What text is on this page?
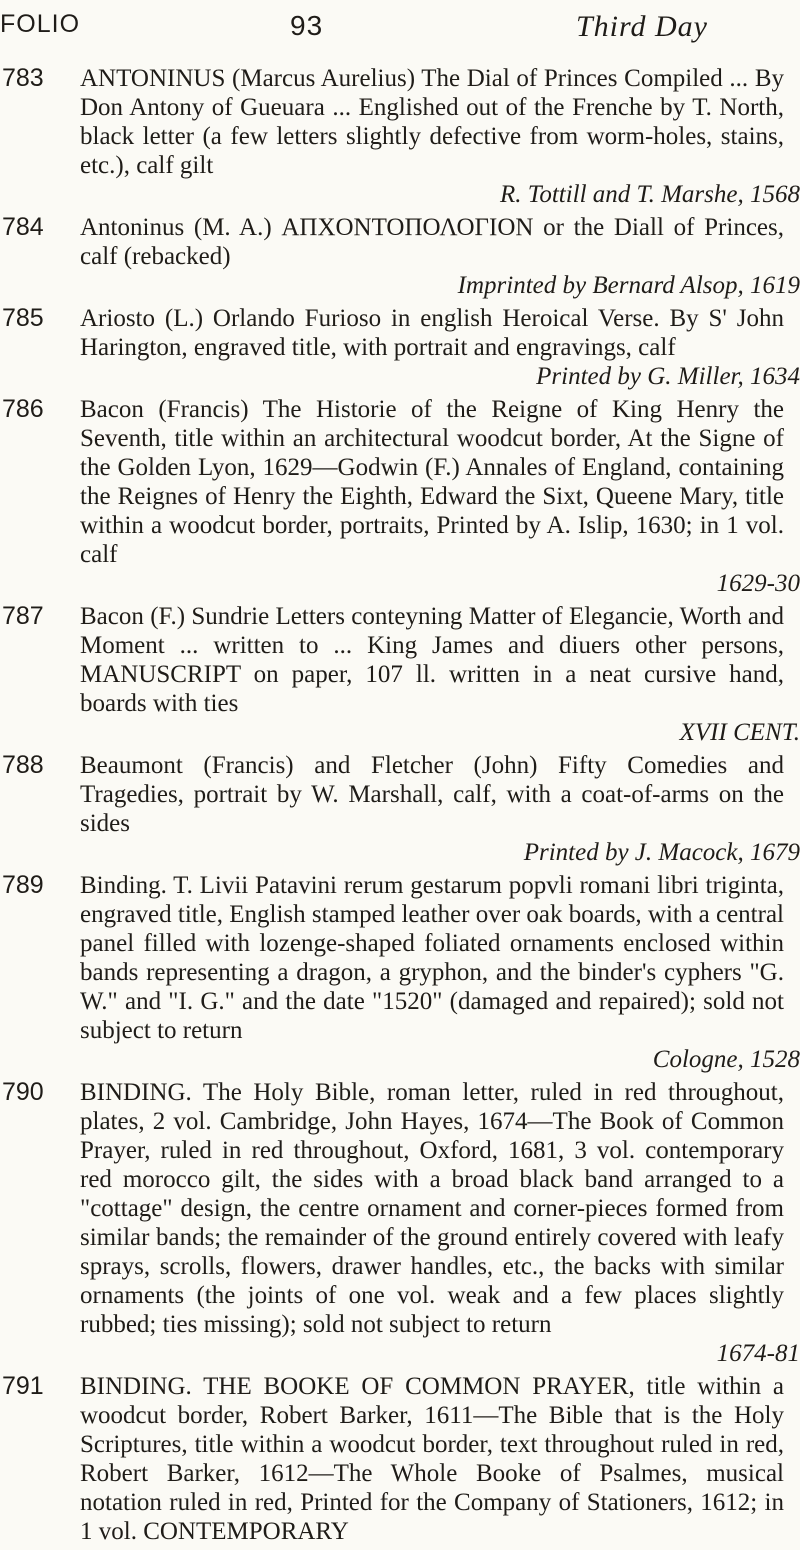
FOLIO	93	Third Day
783 ANTONINUS (Marcus Aurelius) The Dial of Princes Compiled ... By Don Antony of Gueuara ... Englished out of the Frenche by T. North, black letter (a few letters slightly defective from worm-holes, stains, etc.), calf gilt
R. Tottill and T. Marshe, 1568
784 Antoninus (M. A.) ΑΠΧΟΝΤΟΠΟΛΟΓΙΟΝ or the Diall of Princes, calf (rebacked)
Imprinted by Bernard Alsop, 1619
785 Ariosto (L.) Orlando Furioso in english Heroical Verse. By S' John Harington, engraved title, with portrait and engravings, calf
Printed by G. Miller, 1634
786 Bacon (Francis) The Historie of the Reigne of King Henry the Seventh, title within an architectural woodcut border, At the Signe of the Golden Lyon, 1629—Godwin (F.) Annales of England, containing the Reignes of Henry the Eighth, Edward the Sixt, Queene Mary, title within a woodcut border, portraits, Printed by A. Islip, 1630; in 1 vol. calf
1629-30
787 Bacon (F.) Sundrie Letters conteyning Matter of Elegancie, Worth and Moment ... written to ... King James and diuers other persons, MANUSCRIPT on paper, 107 ll. written in a neat cursive hand, boards with ties
XVII CENT.
788 Beaumont (Francis) and Fletcher (John) Fifty Comedies and Tragedies, portrait by W. Marshall, calf, with a coat-of-arms on the sides
Printed by J. Macock, 1679
789 Binding. T. Livii Patavini rerum gestarum popvli romani libri triginta, engraved title, English stamped leather over oak boards, with a central panel filled with lozenge-shaped foliated ornaments enclosed within bands representing a dragon, a gryphon, and the binder's cyphers "G. W." and "I. G." and the date "1520" (damaged and repaired); sold not subject to return
Cologne, 1528
790 BINDING. The Holy Bible, roman letter, ruled in red throughout, plates, 2 vol. Cambridge, John Hayes, 1674—The Book of Common Prayer, ruled in red throughout, Oxford, 1681, 3 vol. contemporary red morocco gilt, the sides with a broad black band arranged to a "cottage" design, the centre ornament and corner-pieces formed from similar bands; the remainder of the ground entirely covered with leafy sprays, scrolls, flowers, drawer handles, etc., the backs with similar ornaments (the joints of one vol. weak and a few places slightly rubbed; ties missing); sold not subject to return
1674-81
791 BINDING. THE BOOKE OF COMMON PRAYER, title within a woodcut border, Robert Barker, 1611—The Bible that is the Holy Scriptures, title within a woodcut border, text throughout ruled in red, Robert Barker, 1612—The Whole Booke of Psalmes, musical notation ruled in red, Printed for the Company of Stationers, 1612; in 1 vol. CONTEMPORARY
